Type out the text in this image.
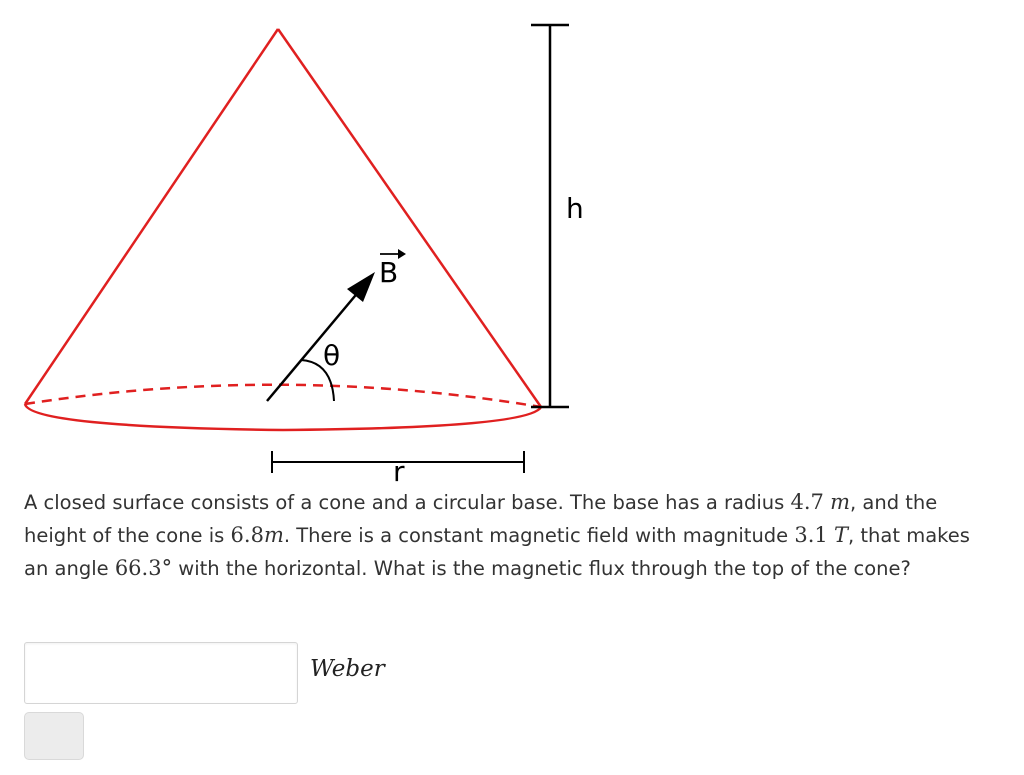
h
r
B
θ

A closed surface consists of a cone and a circular base. The base has a radius 4.7 m, and the height of the cone is 6.8m. There is a constant magnetic field with magnitude 3.1 T, that makes an angle 66.3° with the horizontal. What is the magnetic flux through the top of the cone?

Weber
